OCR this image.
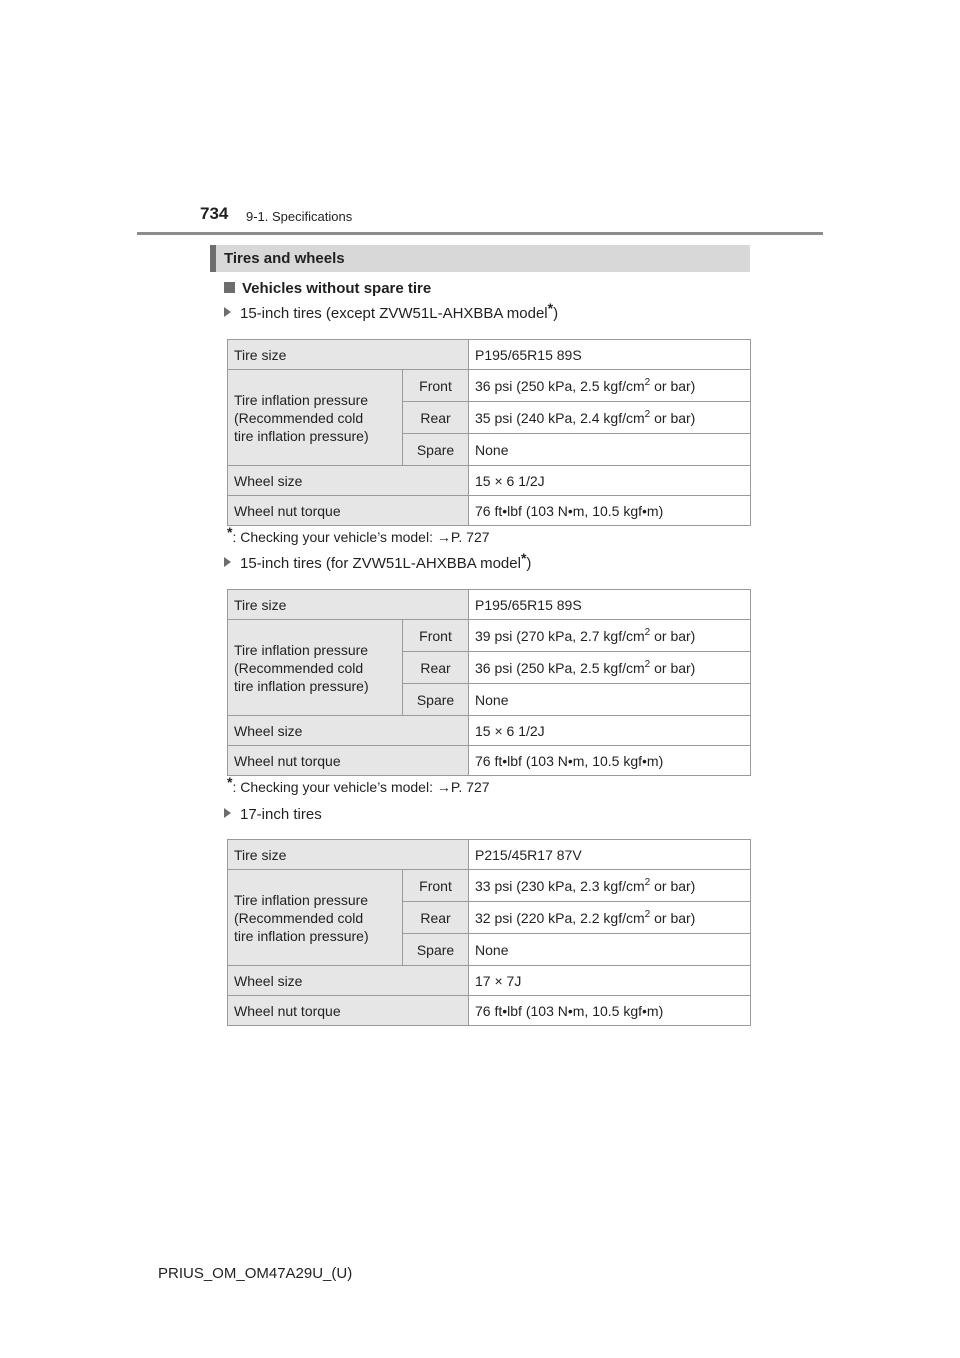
734 9-1. Specifications
Tires and wheels
Vehicles without spare tire
15-inch tires (except ZVW51L-AHXBBA model*)
Tire size		P195/65R15 89S
Tire inflation pressure
(Recommended cold
tire inflation pressure)	Front	36 psi (250 kPa, 2.5 kgf/$cm^2$ or bar)
	Rear	35 psi (240 kPa, 2.4 kgf/$cm^2$ or bar)
	Spare	None
Wheel size		15 × 6 1/2J
Wheel nut torque		76 ft•lbf (103 N•m, 10.5 kgf•m)
*: Checking your vehicle’s model: →P. 727
15-inch tires (for ZVW51L-AHXBBA model*)
Tire size		P195/65R15 89S
Tire inflation pressure
(Recommended cold
tire inflation pressure)	Front	39 psi (270 kPa, 2.7 kgf/$cm^2$ or bar)
	Rear	36 psi (250 kPa, 2.5 kgf/$cm^2$ or bar)
	Spare	None
Wheel size		15 × 6 1/2J
Wheel nut torque		76 ft•lbf (103 N•m, 10.5 kgf•m)
*: Checking your vehicle’s model: →P. 727
17-inch tires
Tire size		P215/45R17 87V
Tire inflation pressure
(Recommended cold
tire inflation pressure)	Front	33 psi (230 kPa, 2.3 kgf/$cm^2$ or bar)
	Rear	32 psi (220 kPa, 2.2 kgf/$cm^2$ or bar)
	Spare	None
Wheel size		17 × 7J
Wheel nut torque		76 ft•lbf (103 N•m, 10.5 kgf•m)
PRIUS_OM_OM47A29U_(U)
